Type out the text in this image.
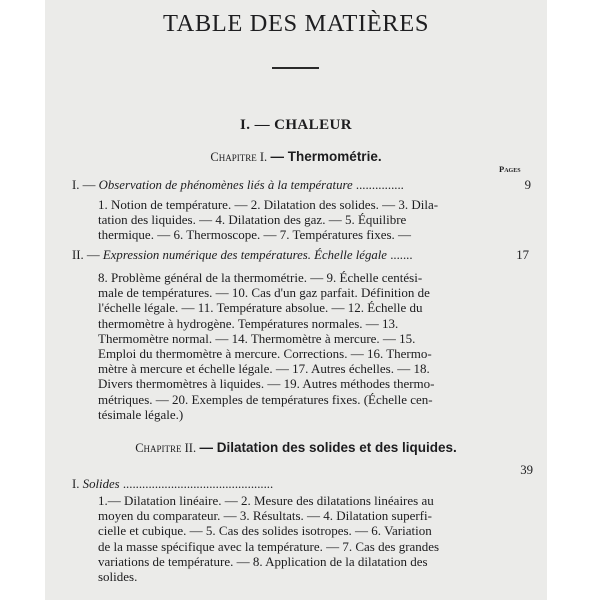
TABLE DES MATIÈRES
I. — CHALEUR
Chapitre I. — Thermométrie.
Pages
I. — Observation de phénomènes liés à la température ...............	9
1. Notion de température. — 2. Dilatation des solides. — 3. Dila-
tation des liquides. — 4. Dilatation des gaz. — 5. Équilibre
thermique. — 6. Thermoscope. — 7. Températures fixes. —
II. — Expression numérique des températures. Échelle légale .......	17
8. Problème général de la thermométrie. — 9. Échelle centési-
male de températures. — 10. Cas d'un gaz parfait. Définition de
l'échelle légale. — 11. Température absolue. — 12. Échelle du
thermomètre à hydrogène. Températures normales. — 13.
Thermomètre normal. — 14. Thermomètre à mercure. — 15.
Emploi du thermomètre à mercure. Corrections. — 16. Thermo-
mètre à mercure et échelle légale. — 17. Autres échelles. — 18.
Divers thermomètres à liquides. — 19. Autres méthodes thermo-
métriques. — 20. Exemples de températures fixes. (Échelle cen-
tésimale légale.)
Chapitre II. — Dilatation des solides et des liquides.
I. Solides ...............................................
39
1.— Dilatation linéaire. — 2. Mesure des dilatations linéaires au
moyen du comparateur. — 3. Résultats. — 4. Dilatation superfi-
cielle et cubique. — 5. Cas des solides isotropes. — 6. Variation
de la masse spécifique avec la température. — 7. Cas des grandes
variations de température. — 8. Application de la dilatation des
solides.
